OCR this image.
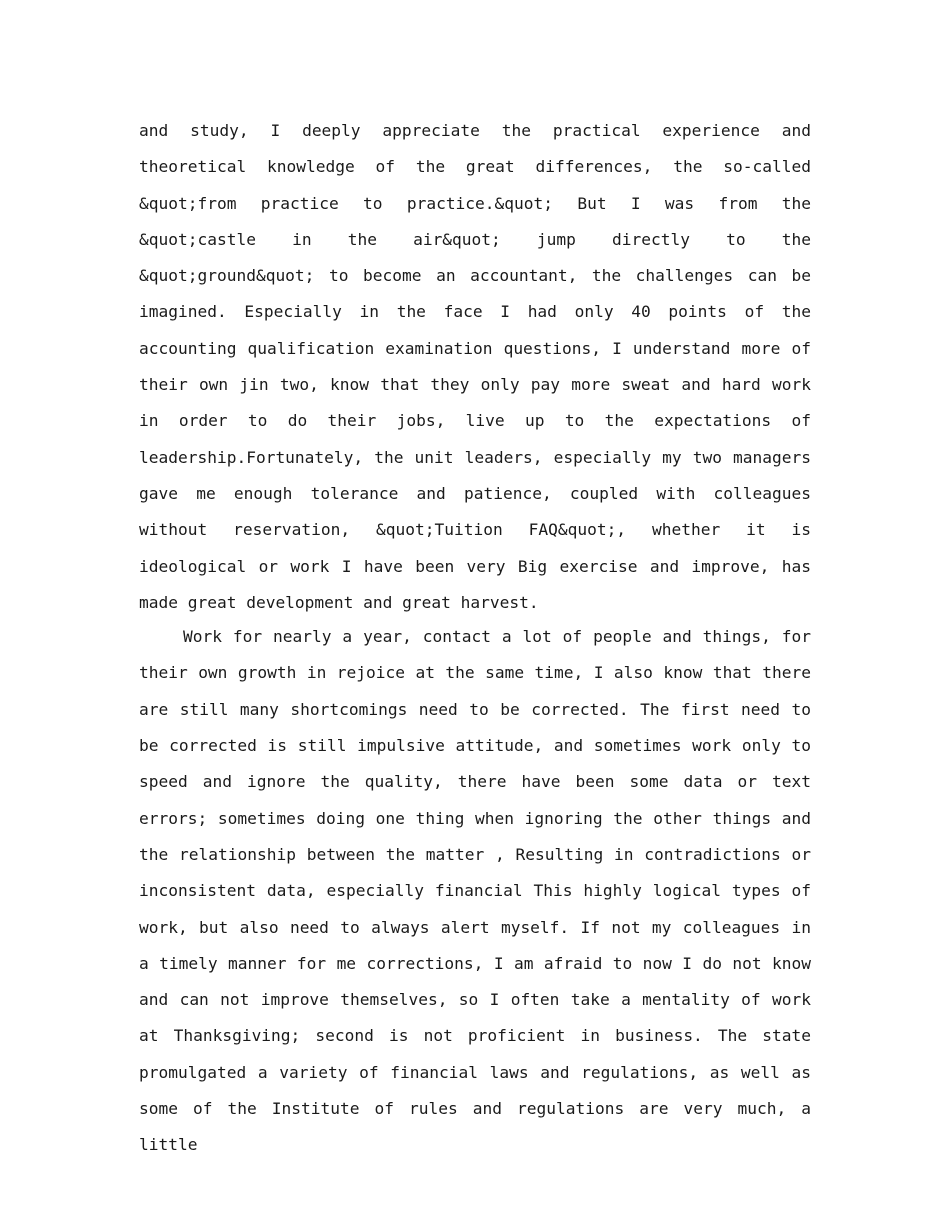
and study, I deeply appreciate the practical experience and theoretical knowledge of the great differences, the so-called &quot;from practice to practice.&quot; But I was from the &quot;castle in the air&quot; jump directly to the &quot;ground&quot; to become an accountant, the challenges can be imagined. Especially in the face I had only 40 points of the accounting qualification examination questions, I understand more of their own jin two, know that they only pay more sweat and hard work in order to do their jobs, live up to the expectations of leadership.Fortunately, the unit leaders, especially my two managers gave me enough tolerance and patience, coupled with colleagues without reservation, &quot;Tuition FAQ&quot;, whether it is ideological or work I have been very Big exercise and improve, has made great development and great harvest.

Work for nearly a year, contact a lot of people and things, for their own growth in rejoice at the same time, I also know that there are still many shortcomings need to be corrected. The first need to be corrected is still impulsive attitude, and sometimes work only to speed and ignore the quality, there have been some data or text errors; sometimes doing one thing when ignoring the other things and the relationship between the matter , Resulting in contradictions or inconsistent data, especially financial This highly logical types of work, but also need to always alert myself. If not my colleagues in a timely manner for me corrections, I am afraid to now I do not know and can not improve themselves, so I often take a mentality of work at Thanksgiving; second is not proficient in business. The state promulgated a variety of financial laws and regulations, as well as some of the Institute of rules and regulations are very much, a little
